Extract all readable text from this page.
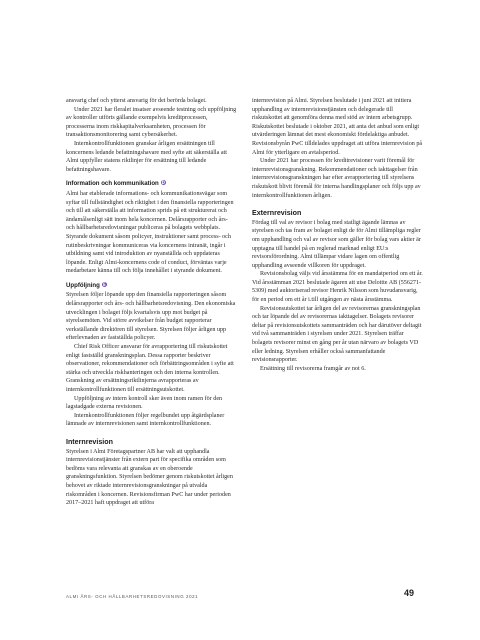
ansvarig chef och ytterst ansvarig för det berörda bolaget.

Under 2021 har fleralet insatser avseende testning och uppföljning av kontroller utförts gällande exempelvis kreditprocessen, processerna inom riskkapitalverksamheten, processen för transaktionsmonitorering samt cybersäkerhet.

Internkontrollfunktionen granskar årligen ersättningen till koncernens ledande befattningshavare med syfte att säkerställa att Almi uppfyller statens riktlinjer för ersättning till ledande befattningshavare.

Information och kommunikation D

Almi har etablerade informations- och kommunikationsvägar som syftar till fullständighet och riktighet i den finansiella rapporteringen och till att säkerställa att information sprids på ett strukturerat och ändamålsenligt sätt inom hela koncernen. Delårsrapporter och års- och hållbarhetsredovisningar publiceras på bolagets webbplats. Styrande dokument såsom policyer, instruktioner samt process- och rutinbeskrivningar kommuniceras via koncernens intranät, ingår i utbildning samt vid introduktion av nyanställda och uppdateras löpande. Enligt Almi-koncernens code of conduct, förväntas varje medarbetare känna till och följa innehållet i styrande dokument.

Uppföljning E

Styrelsen följer löpande upp den finansiella rapporteringen såsom delårsrapporter och års- och hållbarhetsredovisning. Den ekonomiska utvecklingen i bolaget följs kvartalsvis upp mot budget på styrelsemöten. Vid större avvikelser från budget rapporterar verkställande direktören till styrelsen. Styrelsen följer årligen upp efterlevnaden av fastställda policyer.

Chief Risk Officer ansvarar för avrapportering till riskutskottet enligt fastställd granskningsplan. Dessa rapporter beskriver observationer, rekommendationer och förbättringsområden i syfte att stärka och utveckla riskhanteringen och den interna kontrollen. Granskning av ersättningsriktlinjerna avrapporteras av internkontrollfunktionen till ersättningsutskottet.

Uppföljning av intern kontroll sker även inom ramen för den lagstadgade externa revisionen.

Internkontrollfunktionen följer regelbundet upp åtgärdsplaner lämnade av internrevisionen samt internkontrollfunktionen.

Internrevision

Styrelsen i Almi Företagspartner AB har valt att upphandla internrevisionstjänster från extern part för specifika områden som bedöms vara relevanta att granskas av en oberoende granskningsfunktion. Styrelsen bedömer genom riskutskottet årligen behovet av riktade internrevisionsgranskningar på utvalda riskområden i koncernen. Revisionsfirman PwC har under perioden 2017–2021 haft uppdraget att utföra

internrevision på Almi. Styrelsen beslutade i juni 2021 att initiera upphandling av internrevisionstjänsten och delegerade till riskutskottet att genomföra denna med stöd av intern arbetsgrupp. Riskutskottet beslutade i oktober 2021, att anta det anbud som enligt utvärderingen lämnat det mest ekonomiskt fördelaktiga anbudet. Revisionsbyrån PwC tilldelades uppdraget att utföra internrevision på Almi för ytterligare en avtalsperiod.

Under 2021 har processen för kreditrevisioner varit föremål för internrevisionsgranskning. Rekommendationer och iakttagelser från internrevisionsgranskningen har efter avrapportering till styrelsens riskutskott blivit föremål för interna handlingsplaner och följs upp av internkontrollfunktionen årligen.

Externrevision

Fördag till val av revisor i bolag med statligt ägande lämnas av styrelsen och tas fram av bolaget enligt de för Almi tillämpliga regler om upphandling och val av revisor som gäller för bolag vars aktier är upptagna till handel på en reglerad marknad enligt EU:s revisorsförordning. Almi tillämpar vidare lagen om offentlig upphandling avseende villkoren för uppdraget.

Revisionsbolag väljs vid årsstämma för en mandatperiod om ett år. Vid årsstämman 2021 beslutade ägaren att utse Deloitte AB (556271-5309) med auktoriserad revisor Henrik Nilsson som huvudansvarig, för en period om ett år i.till utgången av nästa årsstämma.

Revisionsutskottet tar årligen del av revisorernas granskningsplan och tar löpande del av revisorernas iakttagelser. Bolagets revisorer deltar på revisionsutskottets sammanträden och har därutöver deltagit vid två sammanträden i styrelsen under 2021. Styrelsen träffar bolagets revisorer minst en gång per år utan närvaro av bolagets VD eller ledning. Styrelsen erhåller också sammanfattande revisionsrapporter.

Ersättning till revisorerna framgår av not 6.

ALMI ÅRS- OCH HÅLLBARHETSREDOVISNING 2021	49
